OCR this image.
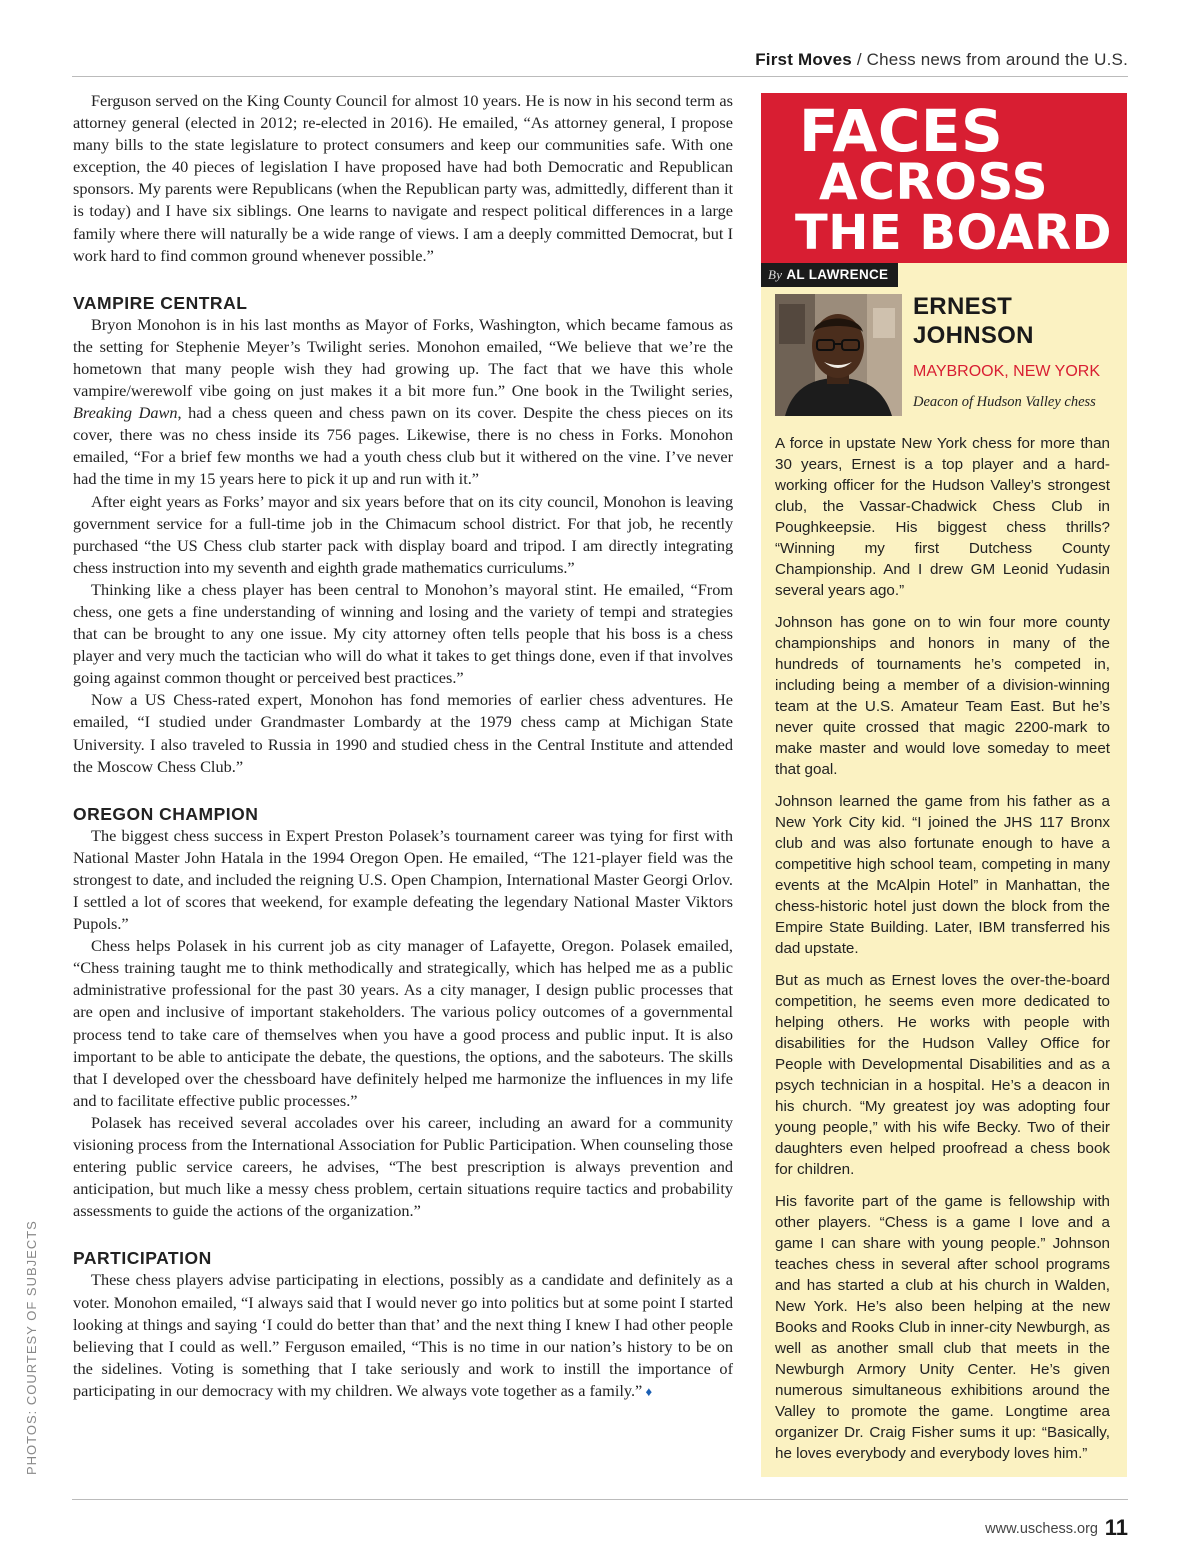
First Moves / Chess news from around the U.S.

Ferguson served on the King County Council for almost 10 years. He is now in his second term as attorney general (elected in 2012; re-elected in 2016). He emailed, “As attorney general, I propose many bills to the state legislature to protect consumers and keep our communities safe. With one exception, the 40 pieces of legislation I have proposed have had both Democratic and Republican sponsors. My parents were Republicans (when the Republican party was, admittedly, different than it is today) and I have six siblings. One learns to navigate and respect political differences in a large family where there will naturally be a wide range of views. I am a deeply committed Democrat, but I work hard to find common ground whenever possible.”

VAMPIRE CENTRAL

Bryon Monohon is in his last months as Mayor of Forks, Washington, which became famous as the setting for Stephenie Meyer’s Twilight series. Monohon emailed, “We believe that we’re the hometown that many people wish they had growing up. The fact that we have this whole vampire/werewolf vibe going on just makes it a bit more fun.” One book in the Twilight series, Breaking Dawn, had a chess queen and chess pawn on its cover. Despite the chess pieces on its cover, there was no chess inside its 756 pages. Likewise, there is no chess in Forks. Monohon emailed, “For a brief few months we had a youth chess club but it withered on the vine. I’ve never had the time in my 15 years here to pick it up and run with it.”

After eight years as Forks’ mayor and six years before that on its city council, Monohon is leaving government service for a full-time job in the Chimacum school district. For that job, he recently purchased “the US Chess club starter pack with display board and tripod. I am directly integrating chess instruction into my seventh and eighth grade mathematics curriculums.”

Thinking like a chess player has been central to Monohon’s mayoral stint. He emailed, “From chess, one gets a fine understanding of winning and losing and the variety of tempi and strategies that can be brought to any one issue. My city attorney often tells people that his boss is a chess player and very much the tactician who will do what it takes to get things done, even if that involves going against common thought or perceived best practices.”

Now a US Chess-rated expert, Monohon has fond memories of earlier chess adventures. He emailed, “I studied under Grandmaster Lombardy at the 1979 chess camp at Michigan State University. I also traveled to Russia in 1990 and studied chess in the Central Institute and attended the Moscow Chess Club.”

OREGON CHAMPION

The biggest chess success in Expert Preston Polasek’s tournament career was tying for first with National Master John Hatala in the 1994 Oregon Open. He emailed, “The 121-player field was the strongest to date, and included the reigning U.S. Open Champion, International Master Georgi Orlov. I settled a lot of scores that weekend, for example defeating the legendary National Master Viktors Pupols.”

Chess helps Polasek in his current job as city manager of Lafayette, Oregon. Polasek emailed, “Chess training taught me to think methodically and strategically, which has helped me as a public administrative professional for the past 30 years. As a city manager, I design public processes that are open and inclusive of important stakeholders. The various policy outcomes of a governmental process tend to take care of themselves when you have a good process and public input. It is also important to be able to anticipate the debate, the questions, the options, and the saboteurs. The skills that I developed over the chessboard have definitely helped me harmonize the influences in my life and to facilitate effective public processes.”

Polasek has received several accolades over his career, including an award for a community visioning process from the International Association for Public Participation. When counseling those entering public service careers, he advises, “The best prescription is always prevention and anticipation, but much like a messy chess problem, certain situations require tactics and probability assessments to guide the actions of the organization.”

PARTICIPATION

These chess players advise participating in elections, possibly as a candidate and definitely as a voter. Monohon emailed, “I always said that I would never go into politics but at some point I started looking at things and saying ‘I could do better than that’ and the next thing I knew I had other people believing that I could as well.” Ferguson emailed, “This is no time in our nation’s history to be on the sidelines. Voting is something that I take seriously and work to instill the importance of participating in our democracy with my children. We always vote together as a family.” ♦

FACES
ACROSS
THE BOARD
By AL LAWRENCE
ERNEST
JOHNSON
MAYBROOK, NEW YORK
Deacon of Hudson Valley chess

A force in upstate New York chess for more than 30 years, Ernest is a top player and a hard-working officer for the Hudson Valley’s strongest club, the Vassar-Chadwick Chess Club in Poughkeepsie. His biggest chess thrills? “Winning my first Dutchess County Championship. And I drew GM Leonid Yudasin several years ago.”

Johnson has gone on to win four more county championships and honors in many of the hundreds of tournaments he’s competed in, including being a member of a division-winning team at the U.S. Amateur Team East. But he’s never quite crossed that magic 2200-mark to make master and would love someday to meet that goal.

Johnson learned the game from his father as a New York City kid. “I joined the JHS 117 Bronx club and was also fortunate enough to have a competitive high school team, competing in many events at the McAlpin Hotel” in Manhattan, the chess-historic hotel just down the block from the Empire State Building. Later, IBM transferred his dad upstate.

But as much as Ernest loves the over-the-board competition, he seems even more dedicated to helping others. He works with people with disabilities for the Hudson Valley Office for People with Developmental Disabilities and as a psych technician in a hospital. He’s a deacon in his church. “My greatest joy was adopting four young people,” with his wife Becky. Two of their daughters even helped proofread a chess book for children.

His favorite part of the game is fellowship with other players. “Chess is a game I love and a game I can share with young people.” Johnson teaches chess in several after school programs and has started a club at his church in Walden, New York. He’s also been helping at the new Books and Rooks Club in inner-city Newburgh, as well as another small club that meets in the Newburgh Armory Unity Center. He’s given numerous simultaneous exhibitions around the Valley to promote the game. Longtime area organizer Dr. Craig Fisher sums it up: “Basically, he loves everybody and everybody loves him.”

PHOTOS: COURTESY OF SUBJECTS
www.uschess.org 11
